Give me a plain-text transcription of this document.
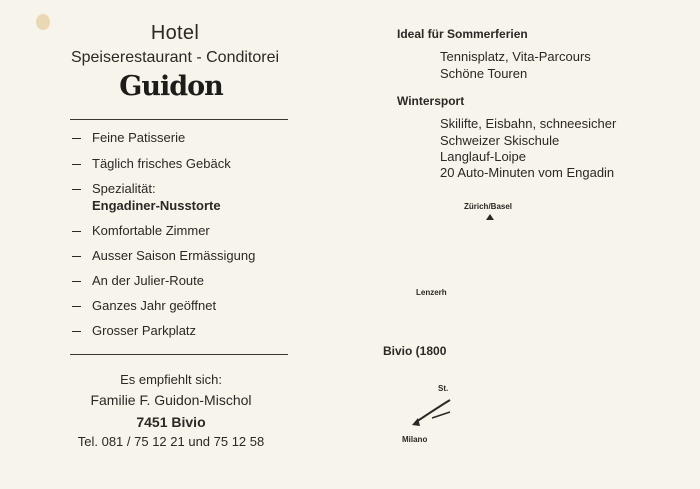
Hotel
Speiserestaurant - Conditorei
Guidon
Feine Patisserie
Täglich frisches Gebäck
Spezialität:
Engadiner-Nusstorte
Komfortable Zimmer
Ausser Saison Ermässigung
An der Julier-Route
Ganzes Jahr geöffnet
Grosser Parkplatz
Es empfiehlt sich:
Familie F. Guidon-Mischol
7451 Bivio
Tel. 081 / 75 12 21 und 75 12 58
Ideal für Sommerferien
Tennisplatz, Vita-Parcours
Schöne Touren
Wintersport
Skilifte, Eisbahn, schneesicher
Schweizer Skischule
Langlauf-Loipe
20 Auto-Minuten vom Engadin
Zürich/Basel
Lenzerh
Bivio (1800
St.
Milano
